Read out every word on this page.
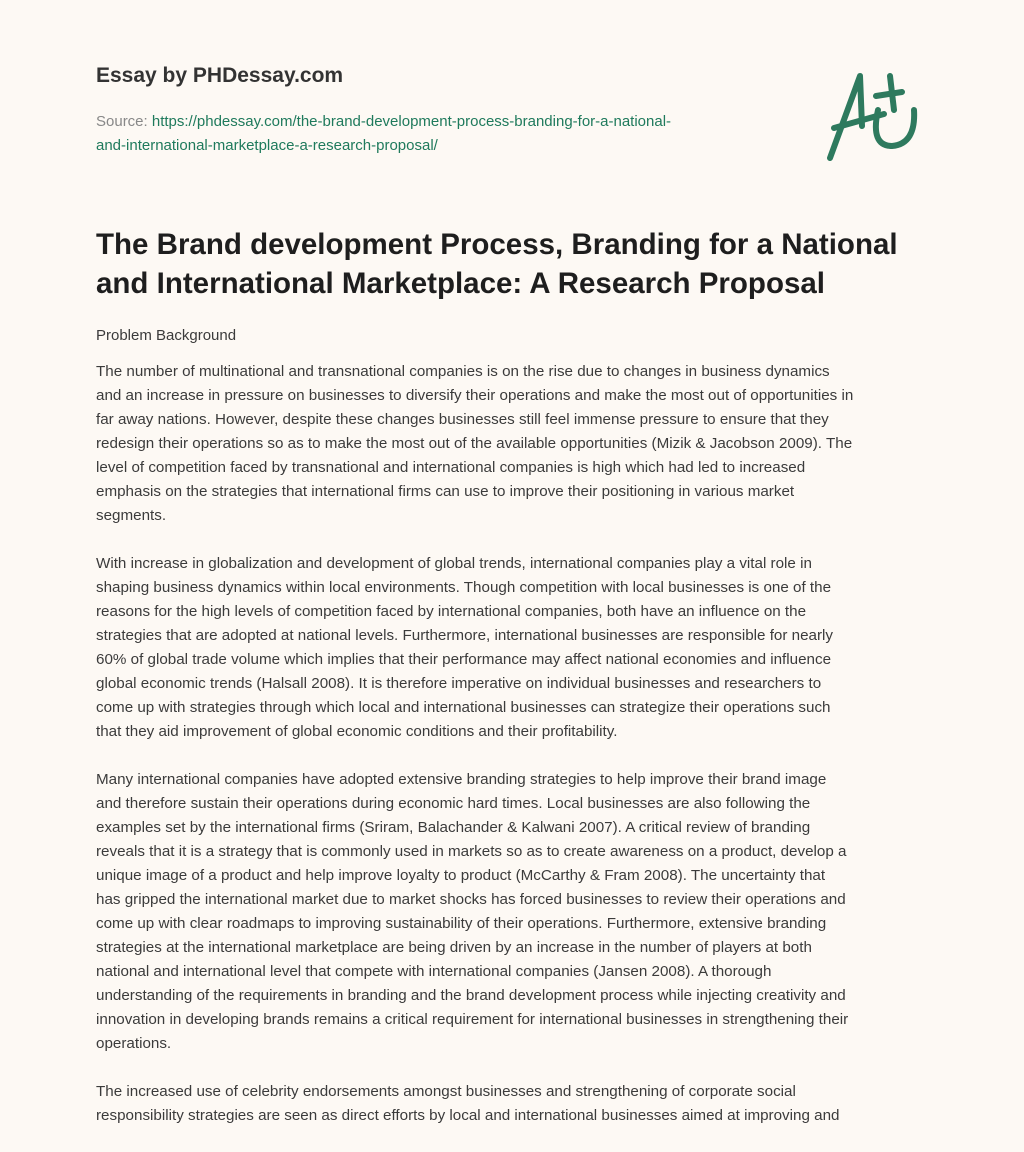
Essay by PHDessay.com
Source: https://phdessay.com/the-brand-development-process-branding-for-a-national-
and-international-marketplace-a-research-proposal/
The Brand development Process, Branding for a National
and International Marketplace: A Research Proposal
Problem Background

The number of multinational and transnational companies is on the rise due to changes in business dynamics
and an increase in pressure on businesses to diversify their operations and make the most out of opportunities in
far away nations. However, despite these changes businesses still feel immense pressure to ensure that they
redesign their operations so as to make the most out of the available opportunities (Mizik & Jacobson 2009). The
level of competition faced by transnational and international companies is high which had led to increased
emphasis on the strategies that international firms can use to improve their positioning in various market
segments.

With increase in globalization and development of global trends, international companies play a vital role in
shaping business dynamics within local environments. Though competition with local businesses is one of the
reasons for the high levels of competition faced by international companies, both have an influence on the
strategies that are adopted at national levels. Furthermore, international businesses are responsible for nearly
60% of global trade volume which implies that their performance may affect national economies and influence
global economic trends (Halsall 2008). It is therefore imperative on individual businesses and researchers to
come up with strategies through which local and international businesses can strategize their operations such
that they aid improvement of global economic conditions and their profitability.

Many international companies have adopted extensive branding strategies to help improve their brand image
and therefore sustain their operations during economic hard times. Local businesses are also following the
examples set by the international firms (Sriram, Balachander & Kalwani 2007). A critical review of branding
reveals that it is a strategy that is commonly used in markets so as to create awareness on a product, develop a
unique image of a product and help improve loyalty to product (McCarthy & Fram 2008). The uncertainty that
has gripped the international market due to market shocks has forced businesses to review their operations and
come up with clear roadmaps to improving sustainability of their operations. Furthermore, extensive branding
strategies at the international marketplace are being driven by an increase in the number of players at both
national and international level that compete with international companies (Jansen 2008). A thorough
understanding of the requirements in branding and the brand development process while injecting creativity and
innovation in developing brands remains a critical requirement for international businesses in strengthening their
operations.

The increased use of celebrity endorsements amongst businesses and strengthening of corporate social
responsibility strategies are seen as direct efforts by local and international businesses aimed at improving and
